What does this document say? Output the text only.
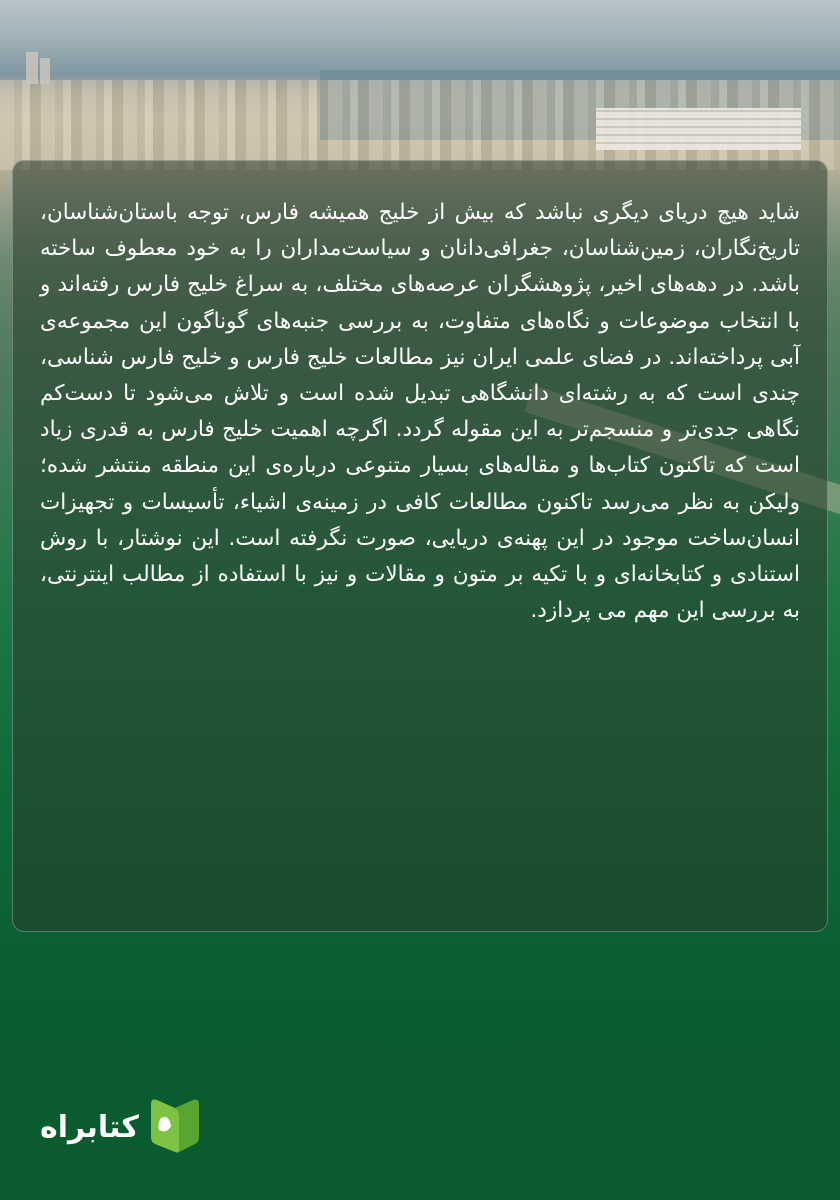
شاید هیچ دریای دیگری نباشد که بیش از خلیج همیشه فارس، توجه باستان‌شناسان، تاریخ‌نگاران، زمین‌شناسان، جغرافی‌دانان و سیاست‌مداران را به خود معطوف ساخته باشد. در دهه‌های اخیر، پژوهشگران عرصه‌های مختلف، به سراغ خلیج فارس رفته‌اند و با انتخاب موضوعات و نگاه‌های متفاوت، به بررسی جنبه‌های گوناگون این مجموعه‌ی آبی پرداخته‌اند. در فضای علمی ایران نیز مطالعات خلیج فارس و خلیج فارس شناسی، چندی است که به رشته‌ای دانشگاهی تبدیل شده است و تلاش می‌شود تا دست‌کم نگاهی جدی‌تر و منسجم‌تر به این مقوله گردد. اگرچه اهمیت خلیج فارس به قدری زیاد است که تاکنون کتاب‌ها و مقاله‌های بسیار متنوعی درباره‌ی این منطقه منتشر شده؛ ولیکن به نظر می‌رسد تاکنون مطالعات کافی در زمینه‌ی اشیاء، تأسیسات و تجهیزات انسان‌ساخت موجود در این پهنه‌ی دریایی، صورت نگرفته است. این نوشتار، با روش استنادی و کتابخانه‌ای و با تکیه بر متون و مقالات و نیز با استفاده از مطالب اینترنتی، به بررسی این مهم می پردازد.

کتابراه
